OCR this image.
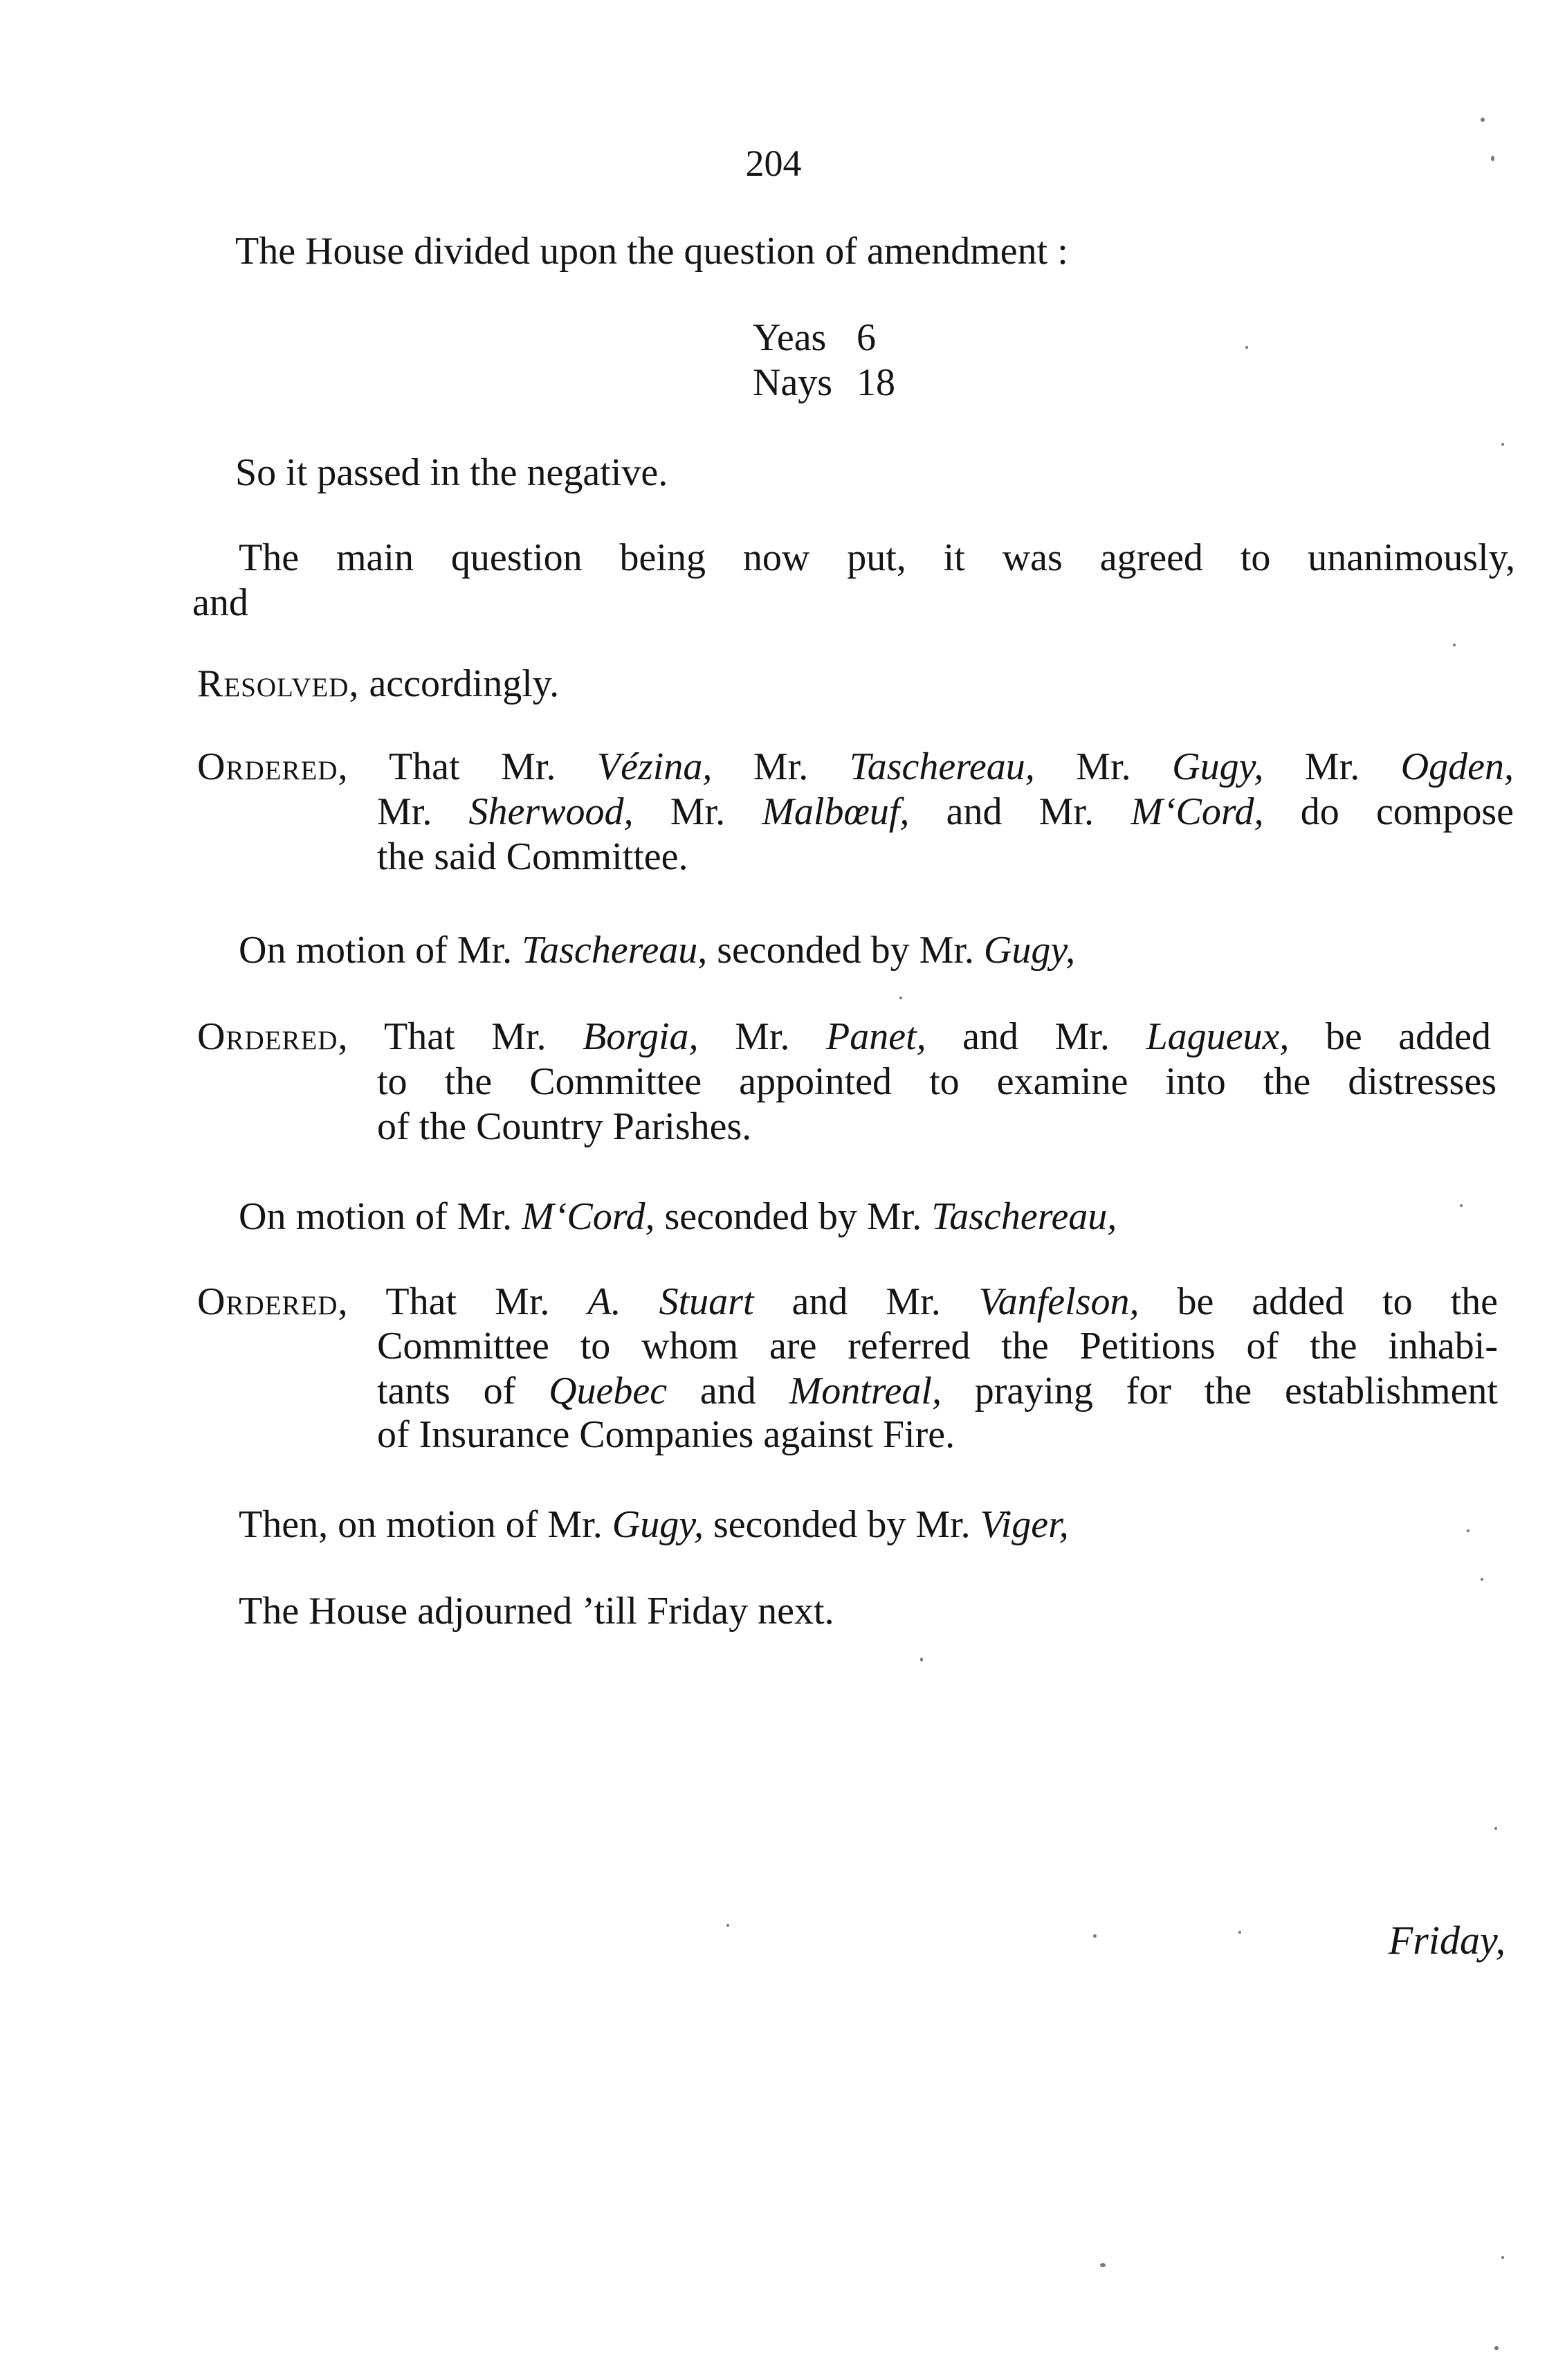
204
The House divided upon the question of amendment :
Yeas 6
Nays 18
So it passed in the negative.
The main question being now put, it was agreed to unanimously,
and
Resolved, accordingly.
Ordered, That Mr. Vézina, Mr. Taschereau, Mr. Gugy, Mr. Ogden,
Mr. Sherwood, Mr. Malbœuf, and Mr. M‘Cord, do compose
the said Committee.
On motion of Mr. Taschereau, seconded by Mr. Gugy,
Ordered, That Mr. Borgia, Mr. Panet, and Mr. Lagueux, be added
to the Committee appointed to examine into the distresses
of the Country Parishes.
On motion of Mr. M‘Cord, seconded by Mr. Taschereau,
Ordered, That Mr. A. Stuart and Mr. Vanfelson, be added to the
Committee to whom are referred the Petitions of the inhabi-
tants of Quebec and Montreal, praying for the establishment
of Insurance Companies against Fire.
Then, on motion of Mr. Gugy, seconded by Mr. Viger,
The House adjourned ’till Friday next.
Friday,
